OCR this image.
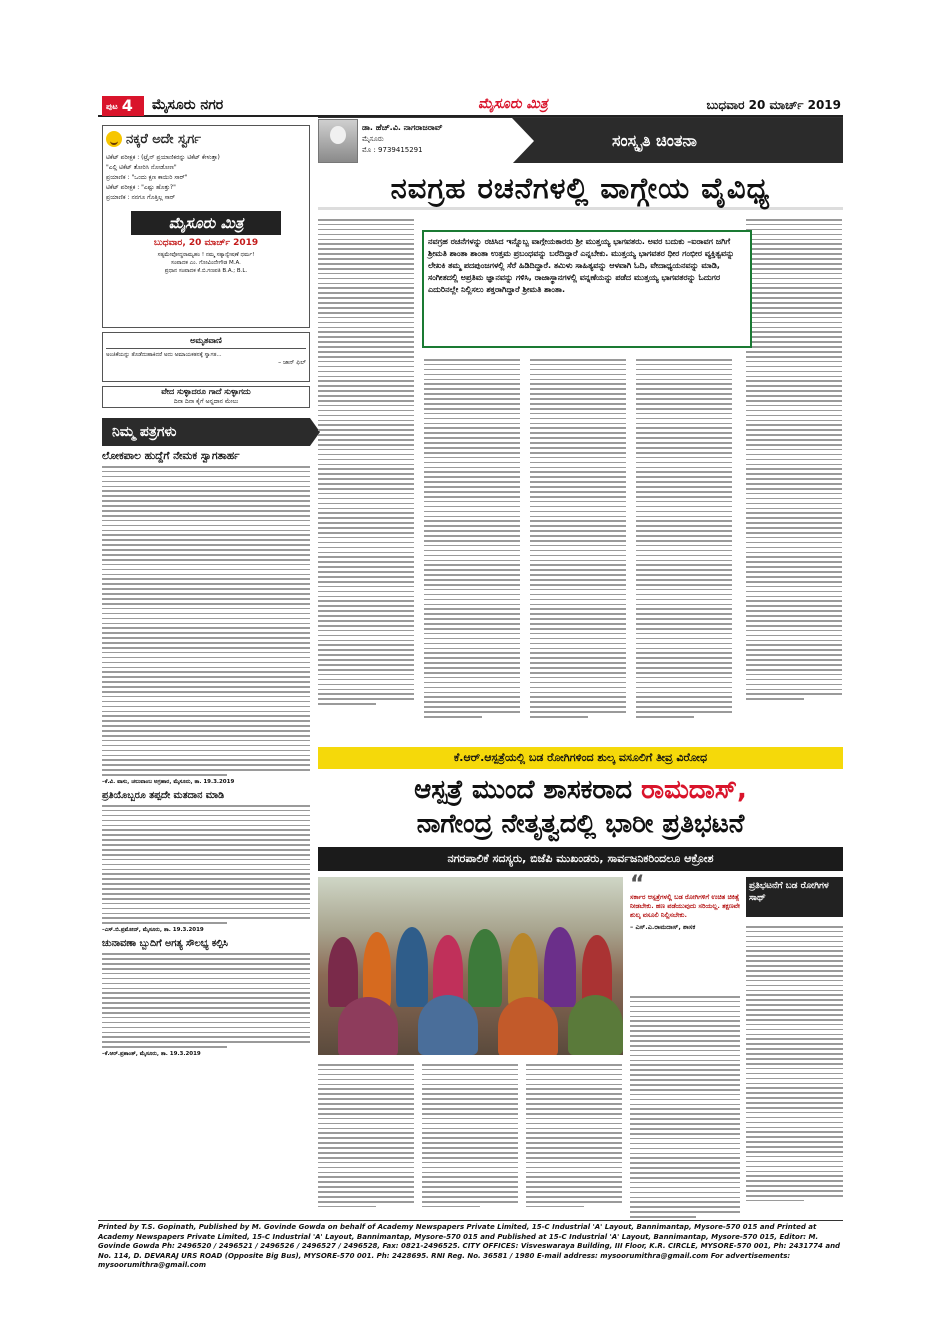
ಪುಟ 4	ಮೈಸೂರು ನಗರ	ಮೈಸೂರು ಮಿತ್ರ	ಬುಧವಾರ 20 ಮಾರ್ಚ್ 2019
ನಕ್ಕರೆ ಅದೇ ಸ್ವರ್ಗ
ಟಿಕೆಟ್ ಪರೀಕ್ಷಕ : (ಟ್ರೈನ್ ಪ್ರಯಾಣಿಕರನ್ನು ಟಿಕೆಟ್ ಕೇಳುತ್ತಾ)
"ಎಲ್ಲಿ ಟಿಕೆಟ್ ತೋರಿಸಿ ನೋಡೋಣ"
ಪ್ರಯಾಣಿಕ : "ಒಂದು ಕ್ಷಣ ಕಾಯಿರಿ ಸಾರ್"
ಟಿಕೆಟ್ ಪರೀಕ್ಷಕ : "ಎಷ್ಟು ಹೊತ್ತು?"
ಪ್ರಯಾಣಿಕ : ನನಗೂ ಗೊತ್ತಿಲ್ಲ ಸಾರ್
ಮೈಸೂರು ಮಿತ್ರ
ಬುಧವಾರ, 20 ಮಾರ್ಚ್ 2019
ಸತ್ಯಮೇವೋದ್ಧರಾಮ್ಯಹಂ ! ನಮ್ಮ ಸತ್ಯಾನ್ವೇಷಣೆ ಧರ್ಮ!
ಸಂಪಾದಕ ಎಂ. ಗೋವಿಂದೇಗೌಡ M.A.
ಪ್ರಧಾನ ಸಂಪಾದಕ ಕೆ.ಬಿ.ಗಣಪತಿ B.A.; B.L.
ಅಮೃತವಾಣಿ
ಅಂಜಿಕೆಯನ್ನು ತೊಡೆದುಹಾಕಿದರೆ ಅದು ಅಮಾಯಕತನಕ್ಕೆ ಸ್ವಾಗತ...
– ಜಾನ್ ಫಿಲ್
ವೇದ ಸುಳ್ಳಾದರೂ ಗಾದೆ ಸುಳ್ಳಾಗದು
ದಿನಾ ದಿನಾ ಕೈಗೆ ಅನ್ನದಾನ ಮೇಲು
ನಿಮ್ಮ ಪತ್ರಗಳು
ಲೋಕಪಾಲ ಹುದ್ದೆಗೆ ನೇಮಕ ಸ್ವಾಗತಾರ್ಹ
–ಕೆ.ವಿ. ವಾಸು, ಚಲುವಾಂಬ ಅಗ್ರಹಾರ, ಮೈಸೂರು, ತಾ. 19.3.2019
ಪ್ರತಿಯೊಬ್ಬರೂ ತಪ್ಪದೇ ಮತದಾನ ಮಾಡಿ
–ಎಸ್.ಬಿ.ಪ್ರಮೋದ್, ಮೈಸೂರು, ತಾ. 19.3.2019
ಚುನಾವಣಾ ಬ್ಬುದಿಗೆ ಅಗತ್ಯ ಸೌಲಭ್ಯ ಕಲ್ಪಿಸಿ
–ಕೆ.ಆರ್.ಪ್ರಶಾಂತ್, ಮೈಸೂರು, ತಾ. 19.3.2019
ಡಾ. ಹೆಚ್.ವಿ. ನಾಗರಾಜರಾವ್
ಮೈಸೂರು
ಮೊ : 9739415291	ಸಂಸ್ಕೃತಿ ಚಿಂತನಾ
ನವಗ್ರಹ ರಚನೆಗಳಲ್ಲಿ ವಾಗ್ಗೇಯ ವೈವಿಧ್ಯ
ನವಗ್ರಹ ರಚನೆಗಳನ್ನು ರಚಿಸಿದ ಇನ್ನೊಬ್ಬ ವಾಗ್ಗೇಯಕಾರರು ಶ್ರೀ ಮುತ್ತಯ್ಯ ಭಾಗವತರು. ಅವರ ಬದುಕು –ಐರಾವಗ ಜಗಿಗೆ ಶ್ರೀಮತಿ ಶಾಂತಾ ಶಾಂತಾ ಉತ್ತಮ ಪ್ರಬಂಧವನ್ನು ಬರೆದಿದ್ದಾರೆ ಎನ್ನಬೇಕು. ಮುತ್ತಯ್ಯ ಭಾಗವತರ ಧೀರ ಗಂಭೀರ ವ್ಯಕ್ತಿತ್ವವನ್ನು ಲೇಖಕಿ ತಮ್ಮ ಪದಪುಂಜಗಳಲ್ಲಿ ಸೆರೆ ಹಿಡಿದಿದ್ದಾರೆ. ತಮಿಳು ಸಾಹಿತ್ಯವನ್ನು ಆಳವಾಗಿ ಓದಿ, ವೇದಾಧ್ಯಯನವನ್ನು ಮಾಡಿ, ಸಂಗೀತದಲ್ಲಿ ಅಪ್ರತಿಮ ಜ್ಞಾನವನ್ನು ಗಳಿಸಿ, ರಾಜಾಸ್ಥಾನಗಳಲ್ಲಿ ವನ್ನಣೆಯನ್ನು ಪಡೆದ ಮುತ್ತಯ್ಯ ಭಾಗವತರನ್ನು ಓದುಗರ ಎದುರಿನಲ್ಲೇ ನಿಲ್ಲಿಸಲು ಶಕ್ತರಾಗಿದ್ದಾರೆ ಶ್ರೀಮತಿ ಶಾಂತಾ.
ಕೆ.ಆರ್.ಆಸ್ಪತ್ರೆಯಲ್ಲಿ ಬಡ ರೋಗಿಗಳಿಂದ ಶುಲ್ಕ ವಸೂಲಿಗೆ ತೀವ್ರ ವಿರೋಧ
ಆಸ್ಪತ್ರೆ ಮುಂದೆ ಶಾಸಕರಾದ ರಾಮದಾಸ್,
ನಾಗೇಂದ್ರ ನೇತೃತ್ವದಲ್ಲಿ ಭಾರೀ ಪ್ರತಿಭಟನೆ
ನಗರಪಾಲಿಕೆ ಸದಸ್ಯರು, ಬಿಜೆಪಿ ಮುಖಂಡರು, ಸಾರ್ವಜನಿಕರಿಂದಲೂ ಆಕ್ರೋಶ
“
ಸರ್ಕಾರ ಆಸ್ಪತ್ರೆಗಳಲ್ಲಿ ಬಡ ರೋಗಿಗಳಿಗೆ ಉಚಿತ ಚಿಕಿತ್ಸೆ ನೀಡಬೇಕು. ಹಣ ಪಡೆಯುವುದು ಸರಿಯಲ್ಲ. ತಕ್ಷಣವೇ ಶುಲ್ಕ ವಸೂಲಿ ನಿಲ್ಲಿಸಬೇಕು.
– ಎಸ್.ಎ.ರಾಮದಾಸ್, ಶಾಸಕ
ಪ್ರತಿಭಟನೆಗೆ ಬಡ ರೋಗಿಗಳ ಸಾಥ್
Printed by T.S. Gopinath, Published by M. Govinde Gowda on behalf of Academy Newspapers Private Limited, 15-C Industrial 'A' Layout, Bannimantap, Mysore-570 015 and Printed at Academy Newspapers Private Limited, 15-C Industrial 'A' Layout, Bannimantap, Mysore-570 015 and Published at 15-C Industrial 'A' Layout, Bannimantap, Mysore-570 015, Editor: M. Govinde Gowda Ph: 2496520 / 2496521 / 2496526 / 2496527 / 2496528, Fax: 0821-2496525. CITY OFFICES: Visveswaraya Building, III Floor, K.R. CIRCLE, MYSORE-570 001, Ph: 2431774 and No. 114, D. DEVARAJ URS ROAD (Opposite Big Bus), MYSORE-570 001. Ph: 2428695. RNI Reg. No. 36581 / 1980 E-mail address: mysoorumithra@gmail.com For advertisements: mysoorumithra@gmail.com
